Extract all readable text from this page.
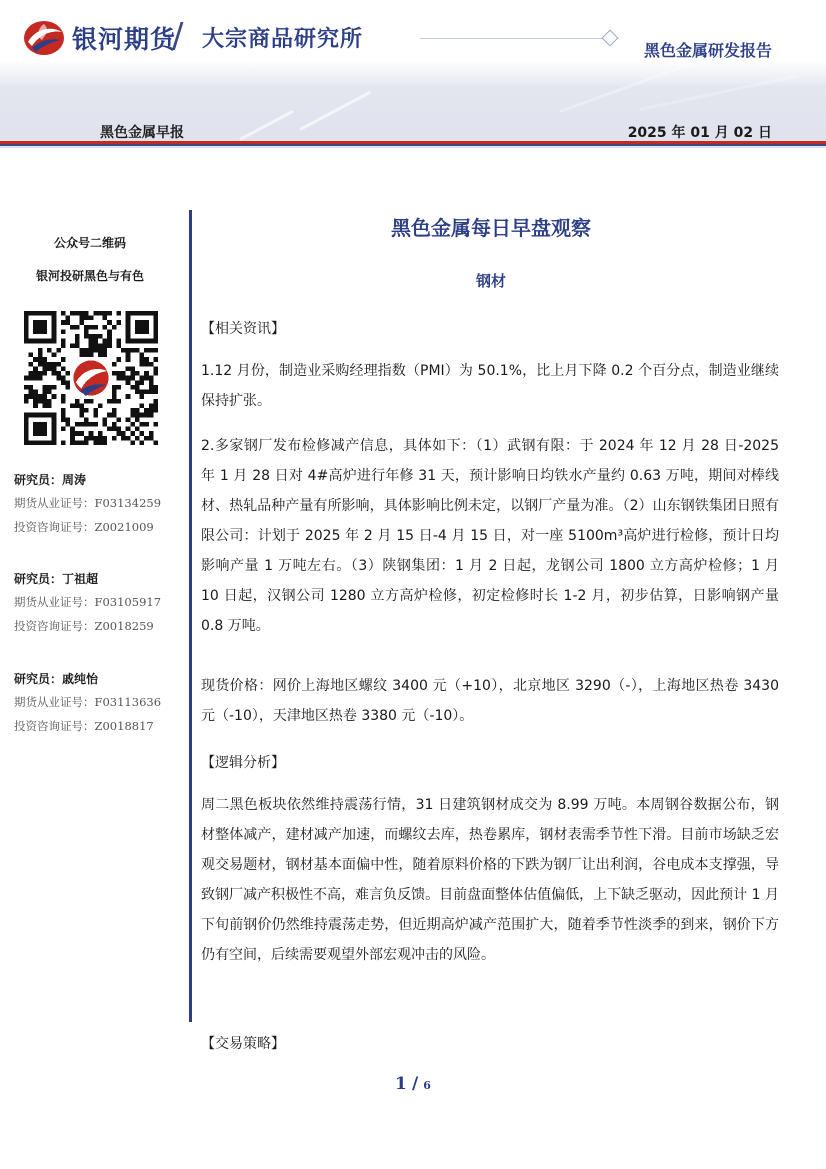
银河期货
/ 大宗商品研究所	黑色金属研发报告
黑色金属早报	2025 年 01 月 02 日
公众号二维码
银河投研黑色与有色
研究员：周涛
期货从业证号：F03134259
投资咨询证号：Z0021009
研究员：丁祖超
期货从业证号：F03105917
投资咨询证号：Z0018259
研究员：戚纯怡
期货从业证号：F03113636
投资咨询证号：Z0018817
黑色金属每日早盘观察
钢材
【相关资讯】
1.12 月份，制造业采购经理指数（PMI）为 50.1%，比上月下降 0.2 个百分点，制造业继续保持扩张。
2.多家钢厂发布检修减产信息，具体如下：（1）武钢有限：于 2024 年 12 月 28 日-2025 年 1 月 28 日对 4#高炉进行年修 31 天，预计影响日均铁水产量约 0.63 万吨，期间对棒线材、热轧品种产量有所影响，具体影响比例未定，以钢厂产量为准。（2）山东钢铁集团日照有限公司：计划于 2025 年 2 月 15 日-4 月 15 日，对一座 5100m³高炉进行检修，预计日均影响产量 1 万吨左右。（3）陕钢集团：1 月 2 日起，龙钢公司 1800 立方高炉检修；1 月 10 日起，汉钢公司 1280 立方高炉检修，初定检修时长 1-2 月，初步估算，日影响钢产量 0.8 万吨。
现货价格：网价上海地区螺纹 3400 元（+10），北京地区 3290（-），上海地区热卷 3430 元（-10），天津地区热卷 3380 元（-10）。
【逻辑分析】
周二黑色板块依然维持震荡行情，31 日建筑钢材成交为 8.99 万吨。本周钢谷数据公布，钢材整体减产，建材减产加速，而螺纹去库，热卷累库，钢材表需季节性下滑。目前市场缺乏宏观交易题材，钢材基本面偏中性，随着原料价格的下跌为钢厂让出利润，谷电成本支撑强，导致钢厂减产积极性不高，难言负反馈。目前盘面整体估值偏低，上下缺乏驱动，因此预计 1 月下旬前钢价仍然维持震荡走势，但近期高炉减产范围扩大，随着季节性淡季的到来，钢价下方仍有空间，后续需要观望外部宏观冲击的风险。
【交易策略】
1 / 6
